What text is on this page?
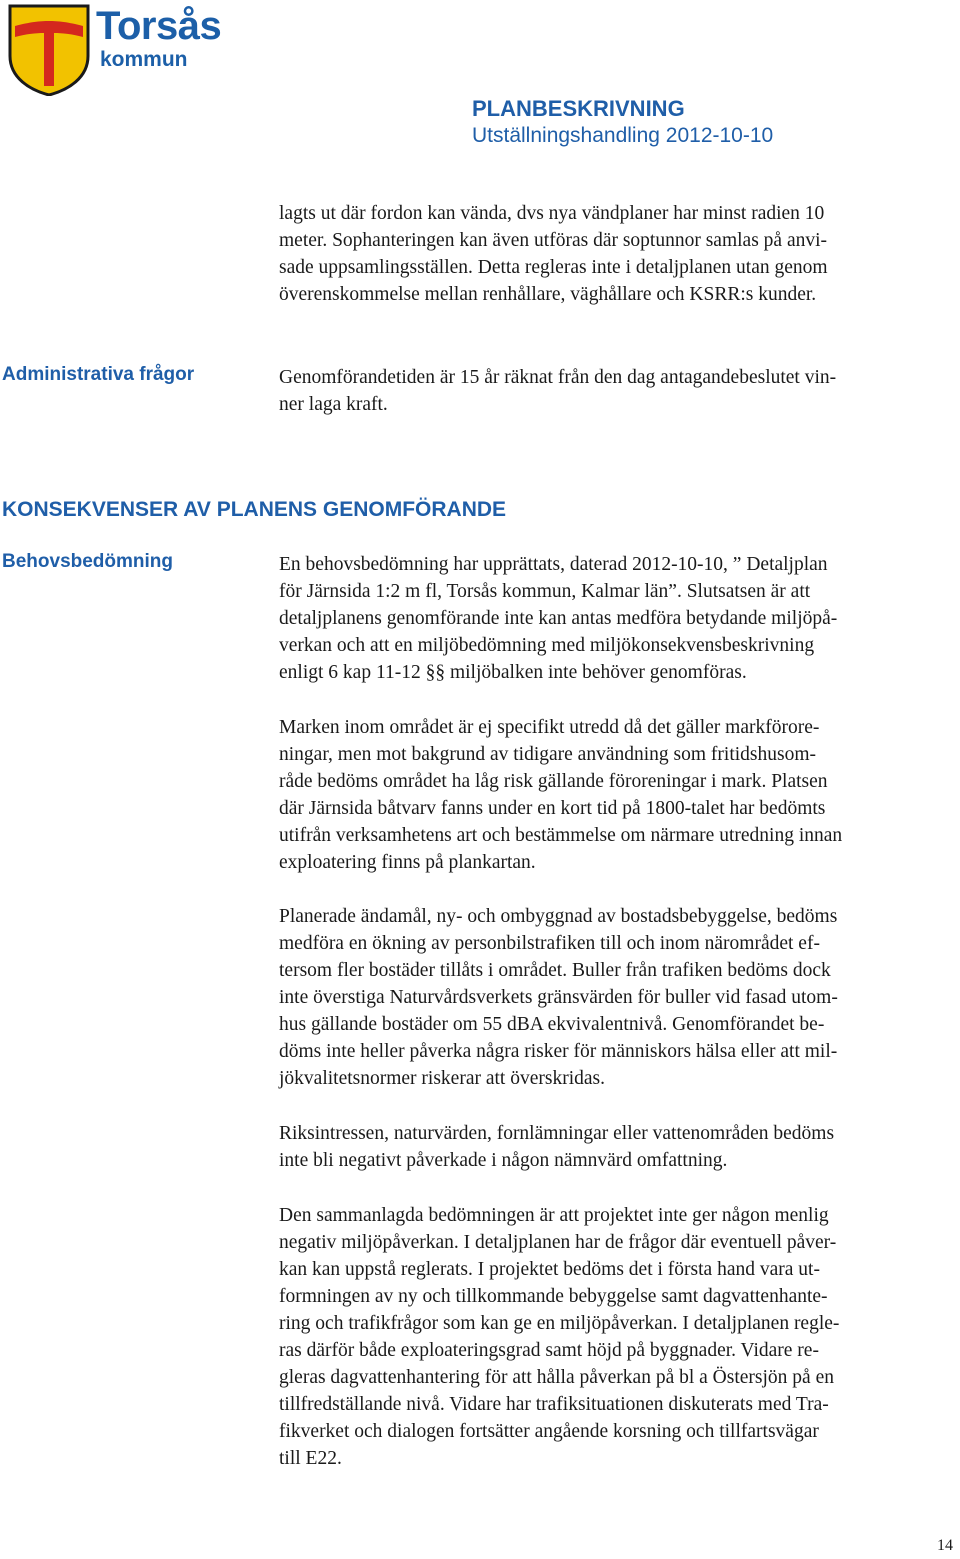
Torsås
kommun
PLANBESKRIVNING
Utställningshandling 2012-10-10

lagts ut där fordon kan vända, dvs nya vändplaner har minst radien 10
meter. Sophanteringen kan även utföras där soptunnor samlas på anvi-
sade uppsamlingsställen. Detta regleras inte i detaljplanen utan genom
överenskommelse mellan renhållare, väghållare och KSRR:s kunder.

Administrativa frågor	Genomförandetiden är 15 år räknat från den dag antagandebeslutet vin-
ner laga kraft.

KONSEKVENSER AV PLANENS GENOMFÖRANDE
Behovsbedömning	En behovsbedömning har upprättats, daterad 2012-10-10, ” Detaljplan
för Järnsida 1:2 m fl, Torsås kommun, Kalmar län”. Slutsatsen är att
detaljplanens genomförande inte kan antas medföra betydande miljöpå-
verkan och att en miljöbedömning med miljökonsekvensbeskrivning
enligt 6 kap 11-12 §§ miljöbalken inte behöver genomföras.

Marken inom området är ej specifikt utredd då det gäller markförore-
ningar, men mot bakgrund av tidigare användning som fritidshusom-
råde bedöms området ha låg risk gällande föroreningar i mark. Platsen
där Järnsida båtvarv fanns under en kort tid på 1800-talet har bedömts
utifrån verksamhetens art och bestämmelse om närmare utredning innan
exploatering finns på plankartan.

Planerade ändamål, ny- och ombyggnad av bostadsbebyggelse, bedöms
medföra en ökning av personbilstrafiken till och inom närområdet ef-
tersom fler bostäder tillåts i området. Buller från trafiken bedöms dock
inte överstiga Naturvårdsverkets gränsvärden för buller vid fasad utom-
hus gällande bostäder om 55 dBA ekvivalentnivå. Genomförandet be-
döms inte heller påverka några risker för människors hälsa eller att mil-
jökvalitetsnormer riskerar att överskridas.

Riksintressen, naturvärden, fornlämningar eller vattenområden bedöms
inte bli negativt påverkade i någon nämnvärd omfattning.

Den sammanlagda bedömningen är att projektet inte ger någon menlig
negativ miljöpåverkan. I detaljplanen har de frågor där eventuell påver-
kan kan uppstå reglerats. I projektet bedöms det i första hand vara ut-
formningen av ny och tillkommande bebyggelse samt dagvattenhante-
ring och trafikfrågor som kan ge en miljöpåverkan. I detaljplanen regle-
ras därför både exploateringsgrad samt höjd på byggnader. Vidare re-
gleras dagvattenhantering för att hålla påverkan på bl a Östersjön på en
tillfredställande nivå. Vidare har trafiksituationen diskuterats med Tra-
fikverket och dialogen fortsätter angående korsning och tillfartsvägar
till E22.

14
